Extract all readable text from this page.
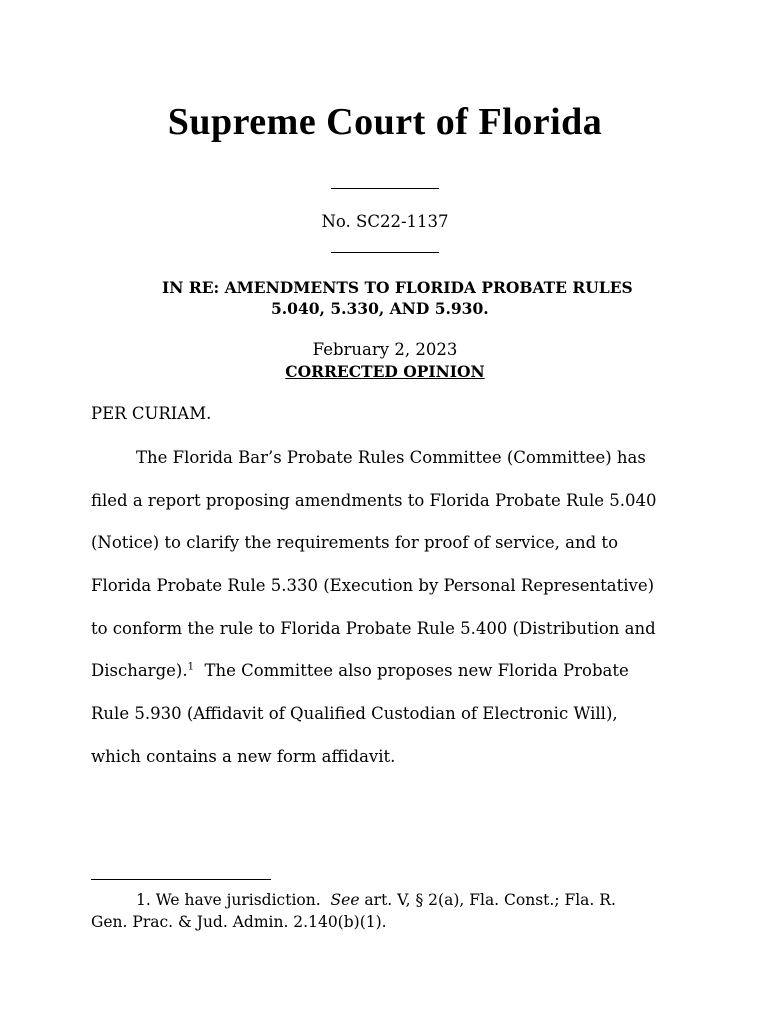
Supreme Court of Florida
No. SC22-1137
IN RE: AMENDMENTS TO FLORIDA PROBATE RULES
5.040, 5.330, AND 5.930.
February 2, 2023
CORRECTED OPINION
PER CURIAM.
The Florida Bar’s Probate Rules Committee (Committee) has
filed a report proposing amendments to Florida Probate Rule 5.040
(Notice) to clarify the requirements for proof of service, and to
Florida Probate Rule 5.330 (Execution by Personal Representative)
to conform the rule to Florida Probate Rule 5.400 (Distribution and
Discharge).$^1$  The Committee also proposes new Florida Probate
Rule 5.930 (Affidavit of Qualified Custodian of Electronic Will),
which contains a new form affidavit.
1. We have jurisdiction.  See art. V, § 2(a), Fla. Const.; Fla. R.
Gen. Prac. & Jud. Admin. 2.140(b)(1).
